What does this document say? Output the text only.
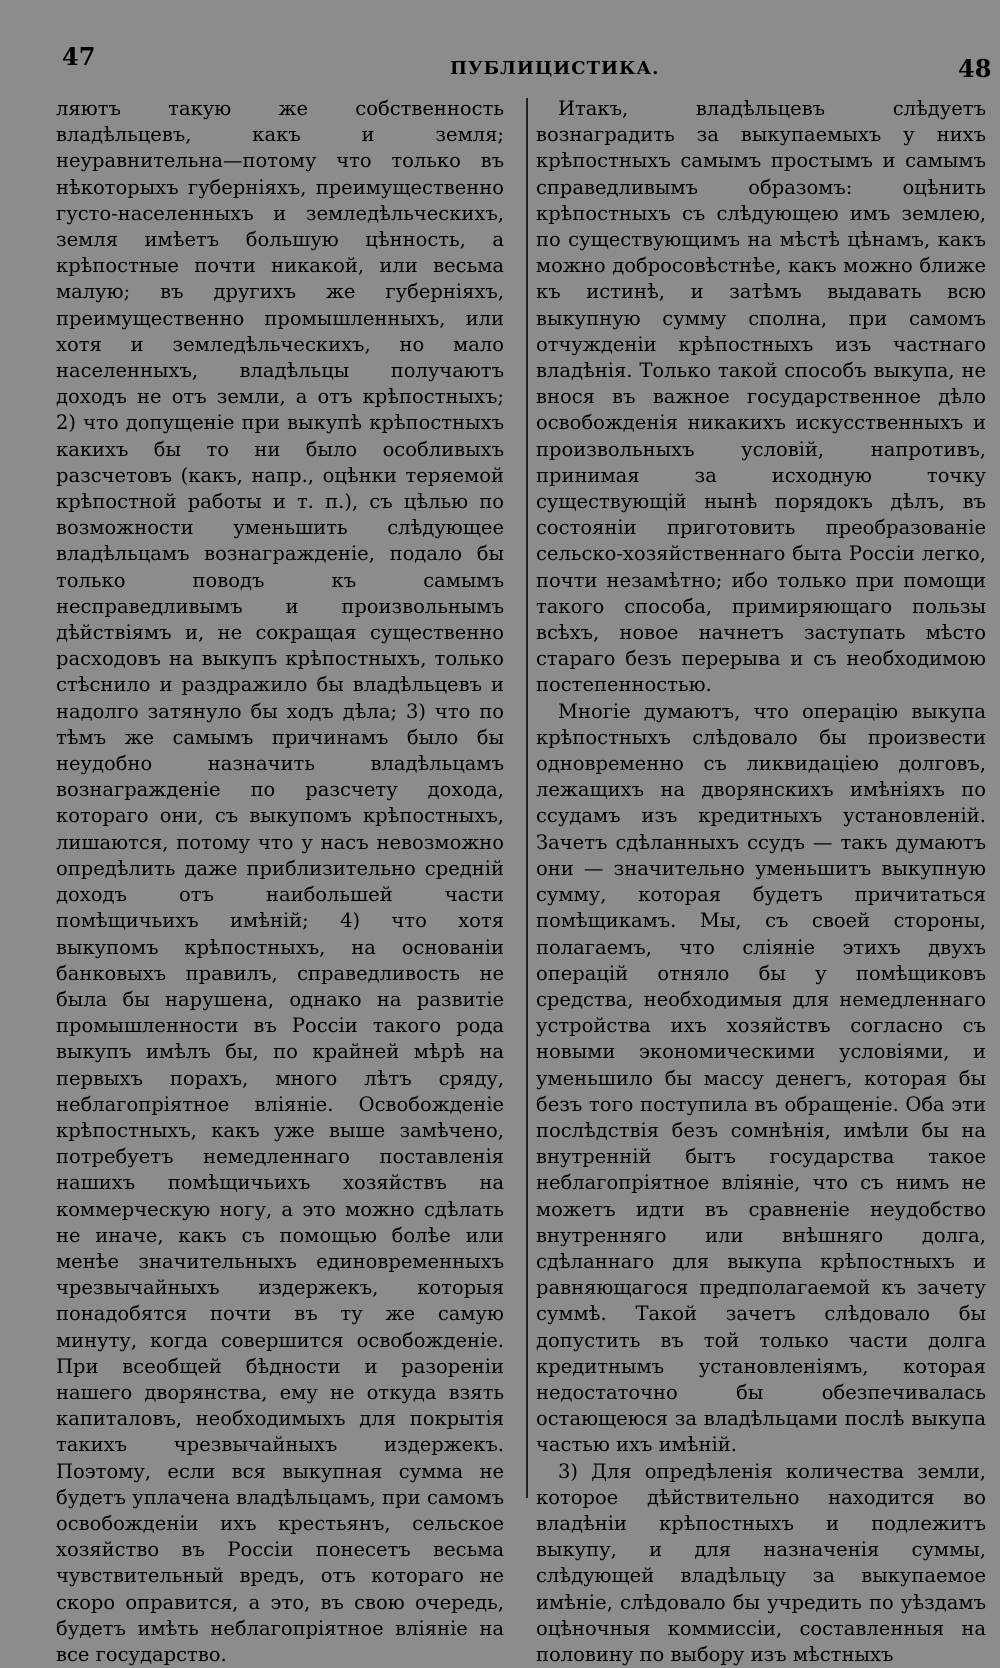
47	ПУБЛИЦИСТИКА.	48

ляютъ такую же собственность владѣльцевъ, какъ и земля; неуравнительна—потому что только въ нѣкоторыхъ губерніяхъ, преимущественно густо-населенныхъ и земледѣльческихъ, земля имѣетъ большую цѣнность, а крѣпостные почти никакой, или весьма малую; въ другихъ же губерніяхъ, преимущественно промышленныхъ, или хотя и земледѣльческихъ, но мало населенныхъ, владѣльцы получаютъ доходъ не отъ земли, а отъ крѣпостныхъ; 2) что допущеніе при выкупѣ крѣпостныхъ какихъ бы то ни было особливыхъ разсчетовъ (какъ, напр., оцѣнки теряемой крѣпостной работы и т. п.), съ цѣлью по возможности уменьшить слѣдующее владѣльцамъ вознагражденіе, подало бы только поводъ къ самымъ несправедливымъ и произвольнымъ дѣйствіямъ и, не сокращая существенно расходовъ на выкупъ крѣпостныхъ, только стѣснило и раздражило бы владѣльцевъ и надолго затянуло бы ходъ дѣла; 3) что по тѣмъ же самымъ причинамъ было бы неудобно назначить владѣльцамъ вознагражденіе по разсчету дохода, котораго они, съ выкупомъ крѣпостныхъ, лишаются, потому что у насъ невозможно опредѣлить даже приблизительно средній доходъ отъ наибольшей части помѣщичьихъ имѣній; 4) что хотя выкупомъ крѣпостныхъ, на основаніи банковыхъ правилъ, справедливость не была бы нарушена, однако на развитіе промышленности въ Россіи такого рода выкупъ имѣлъ бы, по крайней мѣрѣ на первыхъ порахъ, много лѣтъ сряду, неблагопріятное вліяніе. Освобожденіе крѣпостныхъ, какъ уже выше замѣчено, потребуетъ немедленнаго поставленія нашихъ помѣщичьихъ хозяйствъ на коммерческую ногу, а это можно сдѣлать не иначе, какъ съ помощью болѣе или менѣе значительныхъ единовременныхъ чрезвычайныхъ издержекъ, которыя понадобятся почти въ ту же самую минуту, когда совершится освобожденіе. При всеобщей бѣдности и разореніи нашего дворянства, ему не откуда взять капиталовъ, необходимыхъ для покрытія такихъ чрезвычайныхъ издержекъ. Поэтому, если вся выкупная сумма не будетъ уплачена владѣльцамъ, при самомъ освобожденіи ихъ крестьянъ, сельское хозяйство въ Россіи понесетъ весьма чувствительный вредъ, отъ котораго не скоро оправится, а это, въ свою очередь, будетъ имѣть неблагопріятное вліяніе на все государство.

Итакъ, владѣльцевъ слѣдуетъ вознаградить за выкупаемыхъ у нихъ крѣпостныхъ самымъ простымъ и самымъ справедливымъ образомъ: оцѣнить крѣпостныхъ съ слѣдующею имъ землею, по существующимъ на мѣстѣ цѣнамъ, какъ можно добросовѣстнѣе, какъ можно ближе къ истинѣ, и затѣмъ выдавать всю выкупную сумму сполна, при самомъ отчужденіи крѣпостныхъ изъ частнаго владѣнія. Только такой способъ выкупа, не внося въ важное государственное дѣло освобожденія никакихъ искусственныхъ и произвольныхъ условій, напротивъ, принимая за исходную точку существующій нынѣ порядокъ дѣлъ, въ состояніи приготовить преобразованіе сельско-хозяйственнаго быта Россіи легко, почти незамѣтно; ибо только при помощи такого способа, примиряющаго пользы всѣхъ, новое начнетъ заступать мѣсто стараго безъ перерыва и съ необходимою постепенностью.

Многіе думаютъ, что операцію выкупа крѣпостныхъ слѣдовало бы произвести одновременно съ ликвидаціею долговъ, лежащихъ на дворянскихъ имѣніяхъ по ссудамъ изъ кредитныхъ установленій. Зачетъ сдѣланныхъ ссудъ — такъ думаютъ они — значительно уменьшитъ выкупную сумму, которая будетъ причитаться помѣщикамъ. Мы, съ своей стороны, полагаемъ, что сліяніе этихъ двухъ операцій отняло бы у помѣщиковъ средства, необходимыя для немедленнаго устройства ихъ хозяйствъ согласно съ новыми экономическими условіями, и уменьшило бы массу денегъ, которая бы безъ того поступила въ обращеніе. Оба эти послѣдствія безъ сомнѣнія, имѣли бы на внутренній бытъ государства такое неблагопріятное вліяніе, что съ нимъ не можетъ идти въ сравненіе неудобство внутренняго или внѣшняго долга, сдѣланнаго для выкупа крѣпостныхъ и равняющагося предполагаемой къ зачету суммѣ. Такой зачетъ слѣдовало бы допустить въ той только части долга кредитнымъ установленіямъ, которая недостаточно бы обезпечивалась остающеюся за владѣльцами послѣ выкупа частью ихъ имѣній.

3) Для опредѣленія количества земли, которое дѣйствительно находится во владѣніи крѣпостныхъ и подлежитъ выкупу, и для назначенія суммы, слѣдующей владѣльцу за выкупаемое имѣніе, слѣдовало бы учредить по уѣздамъ оцѣночныя коммиссіи, составленныя на половину по выбору изъ мѣстныхъ
